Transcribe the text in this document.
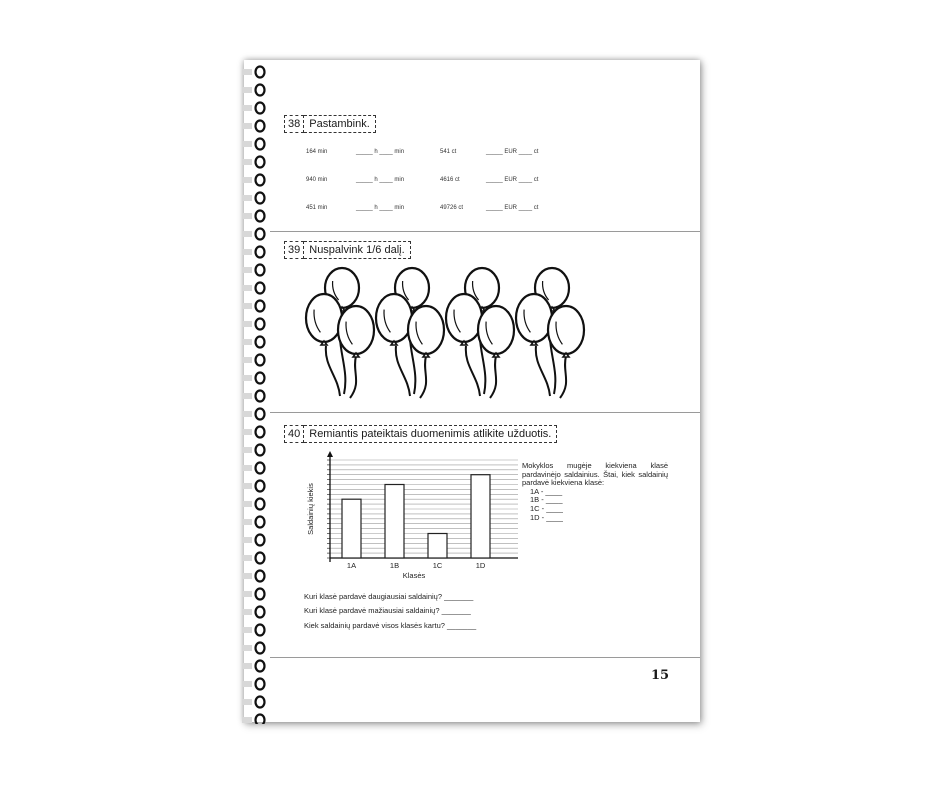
38 Pastambink.
164 min	_____ h ____ min	541 ct	_____ EUR ____ ct
940 min	_____ h ____ min	4616 ct	_____ EUR ____ ct
451 min	_____ h ____ min	49726 ct	_____ EUR ____ ct
39 Nuspalvink 1/6 dalį.
40 Remiantis pateiktais duomenimis atlikite užduotis.
1A	1B	1C	1D
Klasės
Saldainių kiekis
Mokyklos mugėje kiekviena klasė pardavinėjo saldainius. Štai, kiek saldainių pardavė kiekviena klasė:
1A - ____
1B - ____
1C - ____
1D - ____
Kuri klasė pardavė daugiausiai saldainių? _______
Kuri klasė pardavė mažiausiai saldainių? _______
Kiek saldainių pardavė visos klasės kartu? _______
15
